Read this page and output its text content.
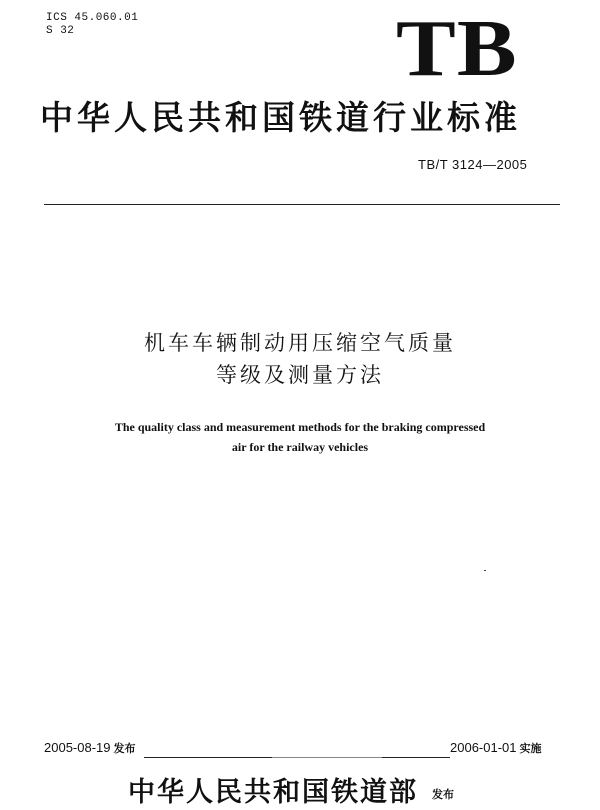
ICS 45.060.01
S 32	TB
中华人民共和国铁道行业标准
TB/T 3124—2005
机车车辆制动用压缩空气质量
等级及测量方法
The quality class and measurement methods for the braking compressed
air for the railway vehicles
2005-08-19 发布	2006-01-01 实施
中华人民共和国铁道部 发布
